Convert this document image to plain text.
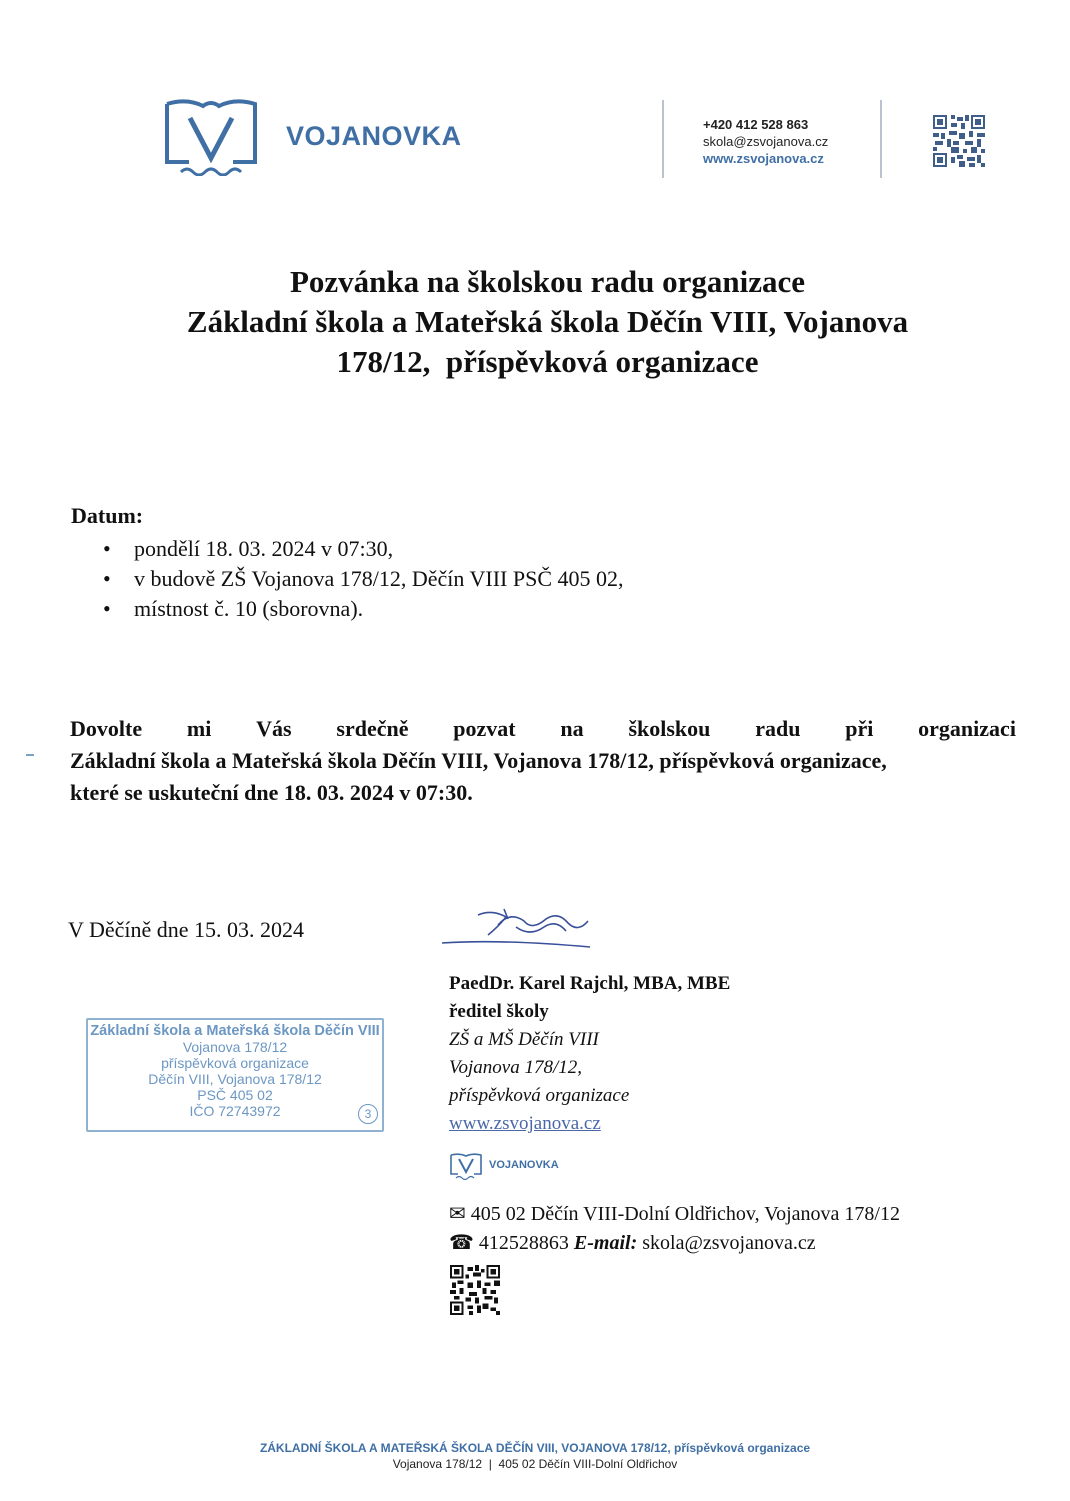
VOJANOVKA	+420 412 528 863
skola@zsvojanova.cz
www.zsvojanova.cz
Pozvánka na školskou radu organizace
Základní škola a Mateřská škola Děčín VIII, Vojanova
178/12,  příspěvková organizace
Datum:
• pondělí 18. 03. 2024 v 07:30,
• v budově ZŠ Vojanova 178/12, Děčín VIII PSČ 405 02,
• místnost č. 10 (sborovna).
Dovolte mi Vás srdečně pozvat na školskou radu při organizaci
Základní škola a Mateřská škola Děčín VIII, Vojanova 178/12, příspěvková organizace,
které se uskuteční dne 18. 03. 2024 v 07:30.
V Děčíně dne 15. 03. 2024
PaedDr. Karel Rajchl, MBA, MBE
ředitel školy
ZŠ a MŠ Děčín VIII
Vojanova 178/12,
příspěvková organizace
www.zsvojanova.cz
VOJANOVKA
✉ 405 02 Děčín VIII-Dolní Oldřichov, Vojanova 178/12
☎ 412528863 E-mail: skola@zsvojanova.cz
Základní škola a Mateřská škola Děčín VIII
Vojanova 178/12
příspěvková organizace
Děčín VIII, Vojanova 178/12
PSČ 405 02
IČO 72743972	3
ZÁKLADNÍ ŠKOLA A MATEŘSKÁ ŠKOLA DĚČÍN VIII, VOJANOVA 178/12, příspěvková organizace
Vojanova 178/12  |  405 02 Děčín VIII-Dolní Oldřichov
